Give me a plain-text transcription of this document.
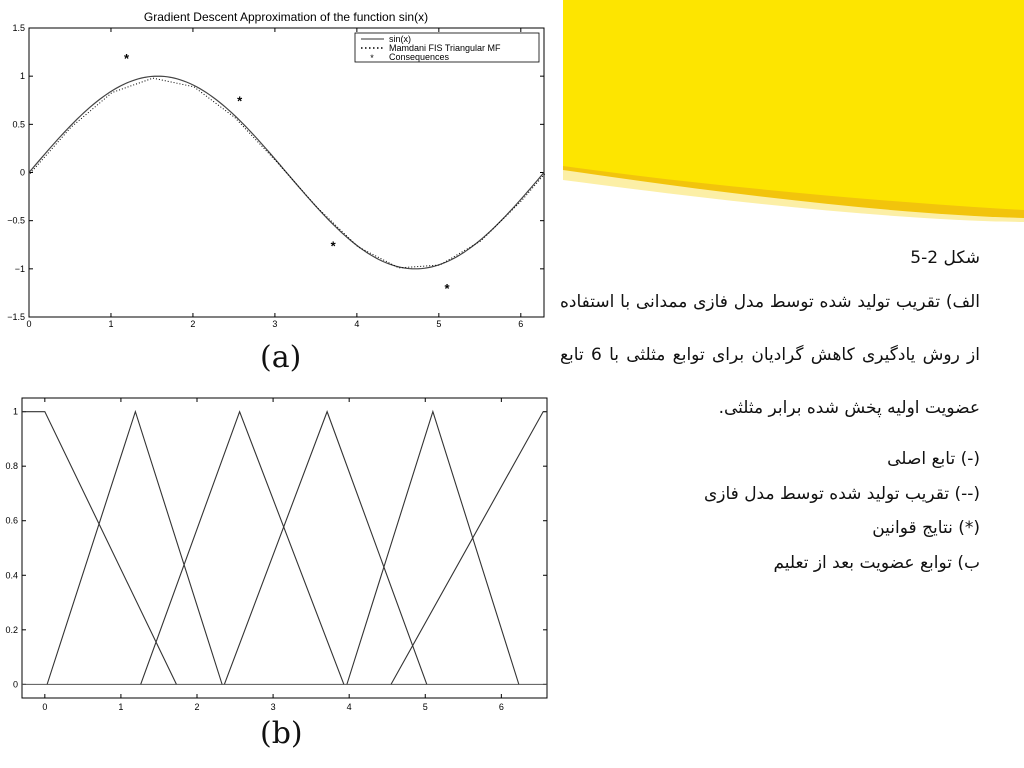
Gradient Descent Approximation of the function sin(x)
0	1	2	3	4	5	6
1.5
1
0.5
0
−0.5
−1
−1.5
*
*
*
*
sin(x)
Mamdani FIS Triangular MF
* Consequences
(a)
0	1	2	3	4	5	6
1
0.8
0.6
0.4
0.2
0
(b)

شکل 2-5

الف) تقریب تولید شده توسط مدل فازی ممدانی با استفاده از روش یادگیری کاهش گرادیان برای توابع مثلثی با 6 تابع عضویت اولیه پخش شده برابر مثلثی.

(-) تابع اصلی

(--) تقریب تولید شده توسط مدل فازی

(*) نتایج قوانین

ب) توابع عضویت بعد از تعلیم
